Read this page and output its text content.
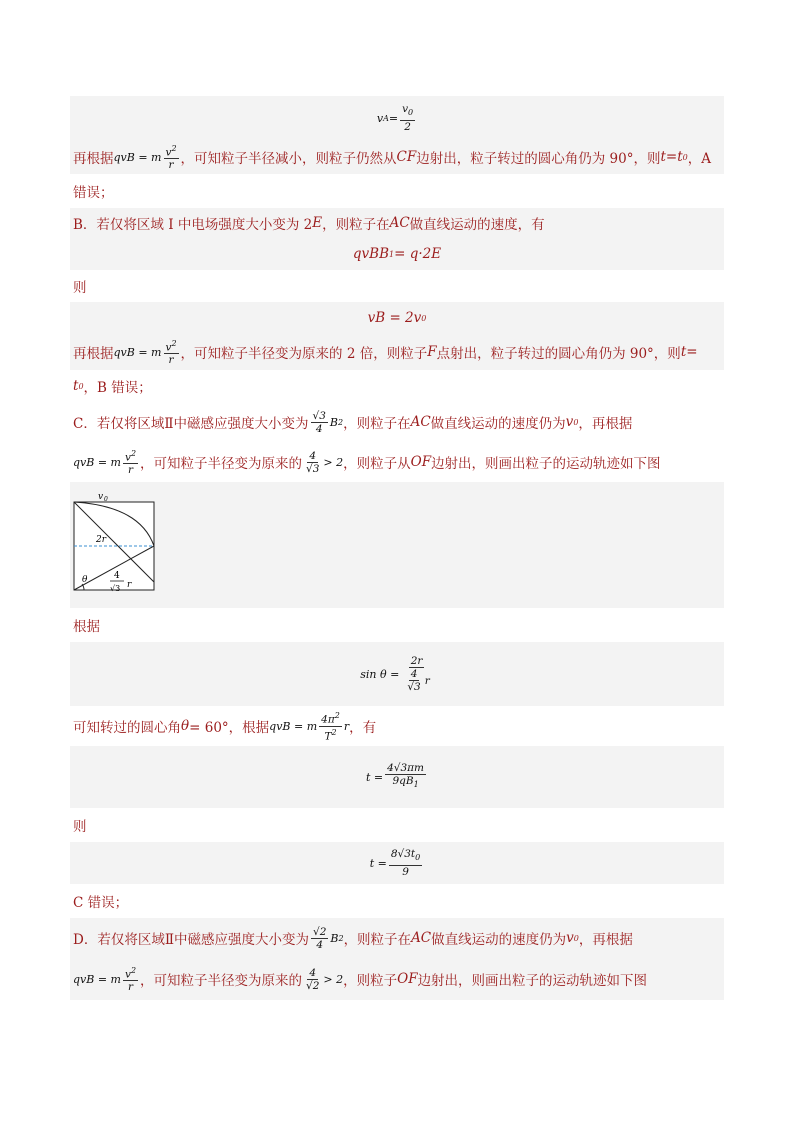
v $A = \frac{v_0}{2}$
再根据 qvB
= m $\frac{v^2}{r}$ ，可知粒子半径减小，则粒子仍然从 CF 边射出，粒子转过的圆心角仍为 90°，则 t = t 0 ，A
错误；
B．若仅将区域 I 中电场强度大小变为 2 E ，则粒子在 AC 做直线运动的速度，有
qvBB 1 = q·2E
则
vB = 2v 0
再根据 qvB
= m $\frac{v^2}{r}$ ，可知粒子半径变为原来的 2 倍，则粒子 F 点射出，粒子转过的圆心角仍为 90°，则 t =
t 0 ，B 错误；
C．若仅将区域Ⅱ中磁感应强度大小变为 $\frac{√3}{4}$ B 2 ，则粒子在 AC 做直线运动的速度仍为 v 0 ，再根据
qvB
= m $\frac{v^2}{r}$ ，可知粒子半径变为原来的 $\frac{4}{√3} > 2$ ，则粒子从 OF 边射出，则画出粒子的运动轨迹如下图
v 0
2r
θ	4
√3 r
根据
$\sin \theta = \frac{2r}{\frac{4}{√3} r}$
可知转过的圆心角 θ = 60°，根据 qvB
= m $\frac{4\pi^2}{T^2}$ r ，有
$t = \frac{4√3\pi m}{9qB_1}$
则
$t = \frac{8√3t_0}{9}$
C 错误；
D．若仅将区域Ⅱ中磁感应强度大小变为 $\frac{√2}{4}$ B 2 ，则粒子在 AC 做直线运动的速度仍为 v 0 ，再根据
qvB
= m $\frac{v^2}{r}$ ，可知粒子半径变为原来的 $\frac{4}{√2} > 2$ ，则粒子 OF 边射出，则画出粒子的运动轨迹如下图
